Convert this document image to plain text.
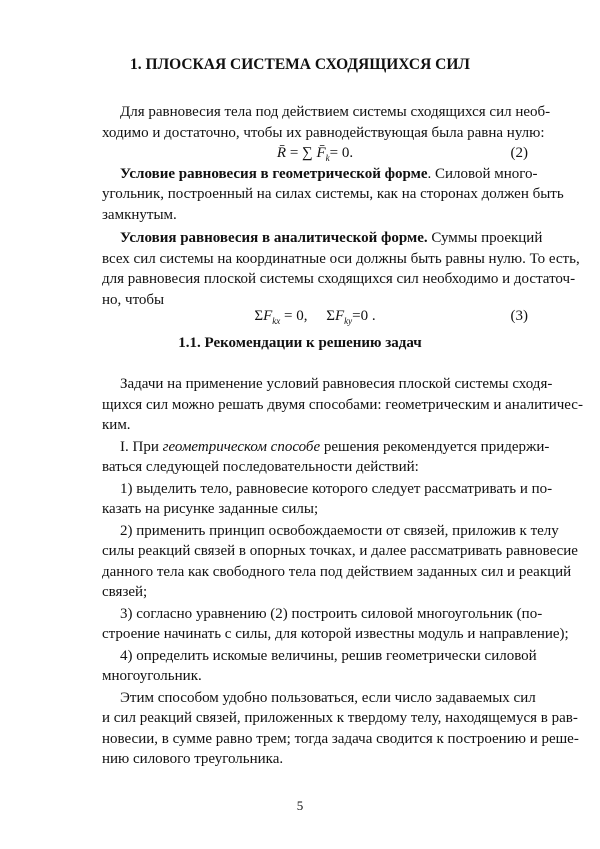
1. ПЛОСКАЯ СИСТЕМА СХОДЯЩИХСЯ СИЛ
Для равновесия тела под действием системы сходящихся сил необ-
ходимо и достаточно, чтобы их равнодействующая была равна нулю:
R̄ = ∑ $F̄_k= 0$.	(2)
Условие равновесия в геометрической форме. Силовой много-
угольник, построенный на силах системы, как на сторонах должен быть
замкнутым.
Условия равновесия в аналитической форме. Суммы проекций
всех сил системы на координатные оси должны быть равны нулю. То есть,
для равновесия плоской системы сходящихся сил необходимо и достаточ-
но, чтобы
$\Sigma F_{kx} = 0$,     $\Sigma F_{ky}=0$ .	(3)
1.1. Рекомендации к решению задач
Задачи на применение условий равновесия плоской системы сходя-
щихся сил можно решать двумя способами: геометрическим и аналитичес-
ким.
I. При геометрическом способе решения рекомендуется придержи-
ваться следующей последовательности действий:
1) выделить тело, равновесие которого следует рассматривать и по-
казать на рисунке заданные силы;
2) применить принцип освобождаемости от связей, приложив к телу
силы реакций связей в опорных точках, и далее рассматривать равновесие
данного тела как свободного тела под действием заданных сил и реакций
связей;
3) согласно уравнению (2) построить силовой многоугольник (по-
строение начинать с силы, для которой известны модуль и направление);
4) определить искомые величины, решив геометрически силовой
многоугольник.
Этим способом удобно пользоваться, если число задаваемых сил
и сил реакций связей, приложенных к твердому телу, находящемуся в рав-
новесии, в сумме равно трем; тогда задача сводится к построению и реше-
нию силового треугольника.
5
